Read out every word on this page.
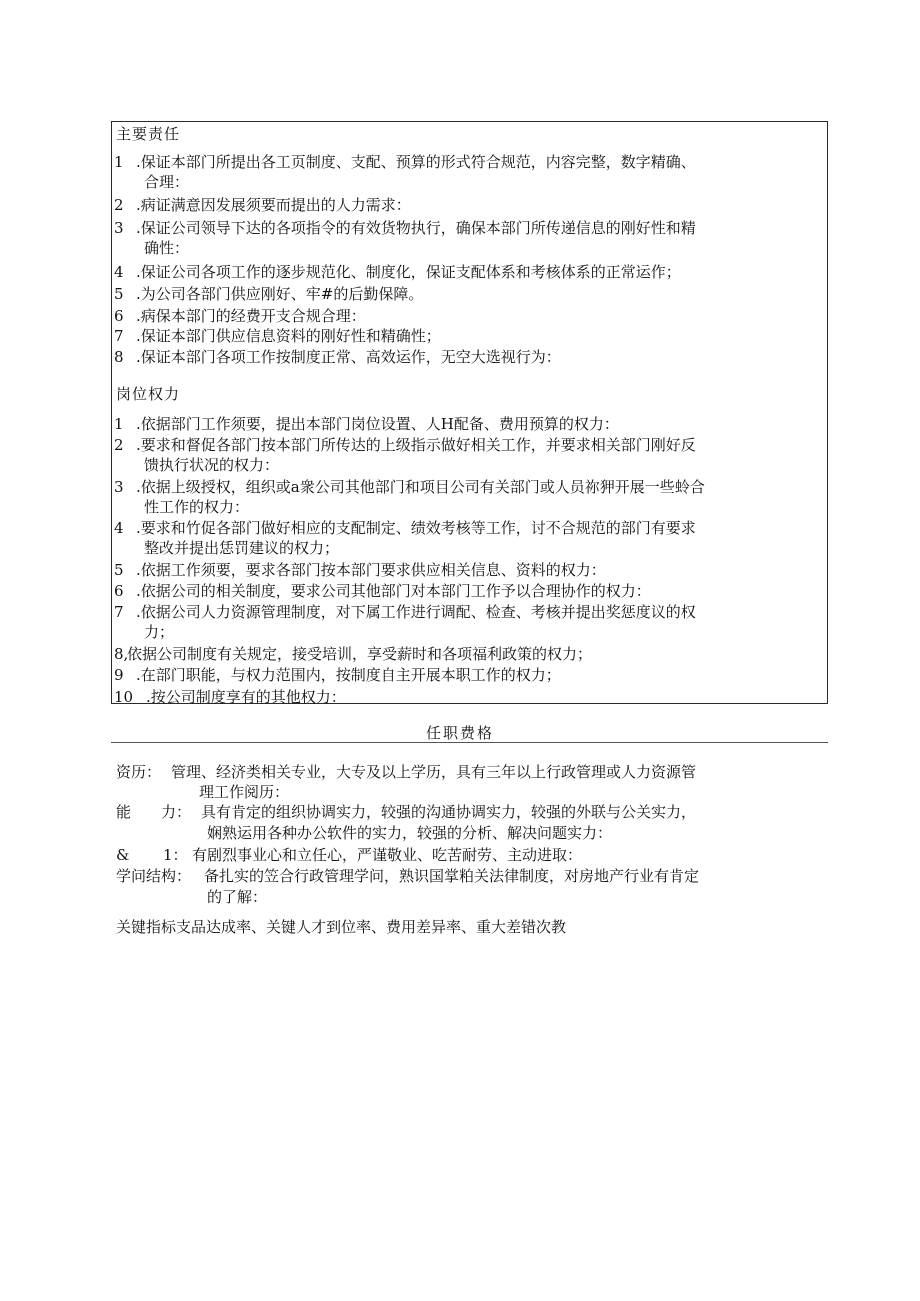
主要责任
1 .保证本部门所提出各工页制度、支配、预算的形式符合规范，内容完整，数字精确、
合理：
2 .病证满意因发展须要而提出的人力需求：
3 .保证公司领导下达的各项指令的有效货物执行，确保本部门所传递信息的刚好性和精
确性：
4 .保证公司各项工作的逐步规范化、制度化，保证支配体系和考核体系的正常运作；
5 .为公司各部门供应刚好、牢#的后勤保障。
6 .病保本部门的经费开支合规合理：
7 .保证本部门供应信息资料的刚好性和精确性；
8 .保证本部门各项工作按制度正常、高效运作，无空大选视行为：
岗位权力
1 .依据部门工作须要，提出本部门岗位设置、人H配备、费用预算的权力：
2 .要求和督促各部门按本部门所传达的上级指示做好相关工作，并要求相关部门刚好反
馈执行状况的权力：
3 .依据上级授权，组织或a衆公司其他部门和项目公司有关部门或人员祢狎开展一些蛉合
性工作的权力：
4 .要求和竹促各部门做好相应的支配制定、绩效考核等工作，讨不合规范的部门有要求
整改并提出恁罚建议的权力；
5 .依据工作须要，要求各部门按本部门要求供应相关信息、资料的权力：
6 .依据公司的相关制度，要求公司其他部门对本部门工作予以合理协作的权力：
7 .依据公司人力资源管理制度，对下属工作进行调配、检查、考核并提出奖惩度议的权
力；
8,
依据公司制度有关规定，接受培训，享受薪时和各项福利政策的权力；
9 .在部门职能，与权力范围内，按制度自主开展本职工作的权力；
10 .按公司制度享有的其他权力：
任职费格
资历： 管理、经济类相关专业，大专及以上学历，具有三年以上行政管理或人力资源管
理工作阅历：
能 力： 具有肯定的组织协调实力，较强的沟通协调实力，较强的外联与公关实力，
娴熟运用各种办公软件的实力，较强的分析、解决问题实力：
& 1： 有剧烈事业心和立任心，严谨敬业、吃苦耐劳、主动进取：
学问结构： 备扎实的笠合行政管理学问，熟识国掌粕关法律制度，对房地产行业有肯定
的了解：
关键指标支品达成率、关键人才到位率、费用差异率、重大差错次教
